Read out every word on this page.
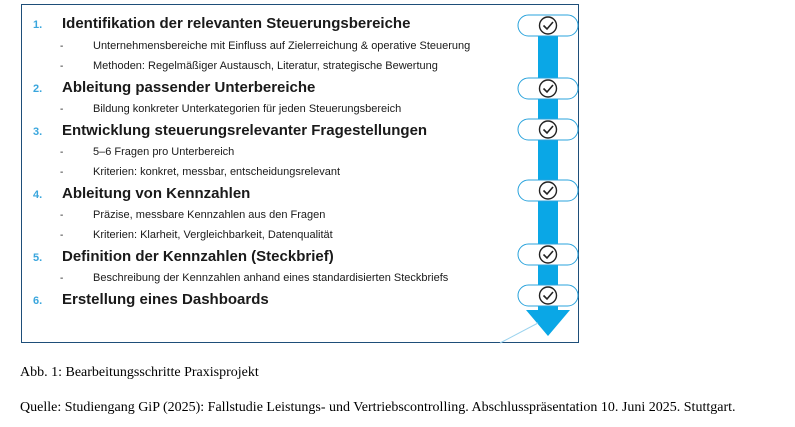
1.	Identifikation der relevanten Steuerungsbereiche
-	Unternehmensbereiche mit Einfluss auf Zielerreichung & operative Steuerung
-	Methoden: Regelmäßiger Austausch, Literatur, strategische Bewertung
2.	Ableitung passender Unterbereiche
-	Bildung konkreter Unterkategorien für jeden Steuerungsbereich
3.	Entwicklung steuerungsrelevanter Fragestellungen
-	5–6 Fragen pro Unterbereich
-	Kriterien: konkret, messbar, entscheidungsrelevant
4.	Ableitung von Kennzahlen
-	Präzise, messbare Kennzahlen aus den Fragen
-	Kriterien: Klarheit, Vergleichbarkeit, Datenqualität
5.	Definition der Kennzahlen (Steckbrief)
-	Beschreibung der Kennzahlen anhand eines standardisierten Steckbriefs
6.	Erstellung eines Dashboards
Abb. 1: Bearbeitungsschritte Praxisprojekt
Quelle: Studiengang GiP (2025): Fallstudie Leistungs- und Vertriebscontrolling. Abschlusspräsentation 10. Juni 2025. Stuttgart.
